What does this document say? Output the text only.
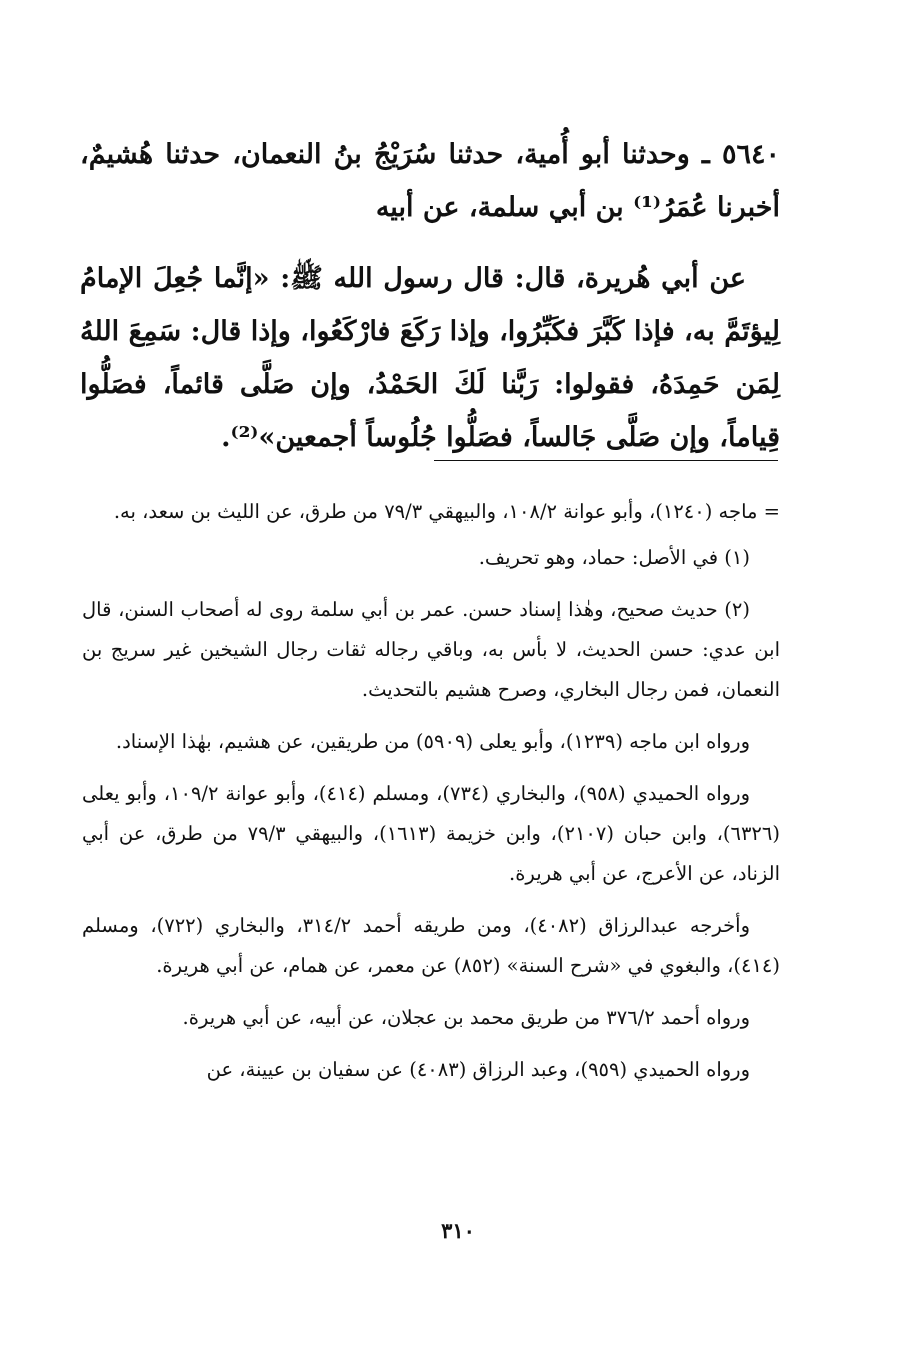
٥٦٤٠ ـ وحدثنا أبو أُمية، حدثنا سُرَيْجُ بنُ النعمان، حدثنا هُشيمٌ، أخبرنا عُمَرُ⁽¹⁾ بن أبي سلمة، عن أبيه

عن أبي هُريرة، قال: قال رسول الله ﷺ: «إنَّما جُعِلَ الإمامُ لِيؤتَمَّ به، فإذا كَبَّرَ فكَبِّرُوا، وإذا رَكَعَ فارْكَعُوا، وإذا قال: سَمِعَ اللهُ لِمَن حَمِدَهُ، فقولوا: رَبَّنا لَكَ الحَمْدُ، وإن صَلَّى قائماً، فصَلُّوا قِياماً، وإن صَلَّى جَالساً، فصَلُّوا جُلُوساً أجمعين»⁽²⁾.

= ماجه (١٢٤٠)، وأبو عوانة ١٠٨/٢، والبيهقي ٧٩/٣ من طرق، عن الليث بن سعد، به.

(١) في الأصل: حماد، وهو تحريف.

(٢) حديث صحيح، وهٰذا إسناد حسن. عمر بن أبي سلمة روى له أصحاب السنن، قال ابن عدي: حسن الحديث، لا بأس به، وباقي رجاله ثقات رجال الشيخين غير سريج بن النعمان، فمن رجال البخاري، وصرح هشيم بالتحديث.

ورواه ابن ماجه (١٢٣٩)، وأبو يعلى (٥٩٠٩) من طريقين، عن هشيم، بهٰذا الإسناد.

ورواه الحميدي (٩٥٨)، والبخاري (٧٣٤)، ومسلم (٤١٤)، وأبو عوانة ١٠٩/٢، وأبو يعلى (٦٣٢٦)، وابن حبان (٢١٠٧)، وابن خزيمة (١٦١٣)، والبيهقي ٧٩/٣ من طرق، عن أبي الزناد، عن الأعرج، عن أبي هريرة.

وأخرجه عبدالرزاق (٤٠٨٢)، ومن طريقه أحمد ٣١٤/٢، والبخاري (٧٢٢)، ومسلم (٤١٤)، والبغوي في «شرح السنة» (٨٥٢) عن معمر، عن همام، عن أبي هريرة.

ورواه أحمد ٣٧٦/٢ من طريق محمد بن عجلان، عن أبيه، عن أبي هريرة.

ورواه الحميدي (٩٥٩)، وعبد الرزاق (٤٠٨٣) عن سفيان بن عيينة، عن

٣١٠
